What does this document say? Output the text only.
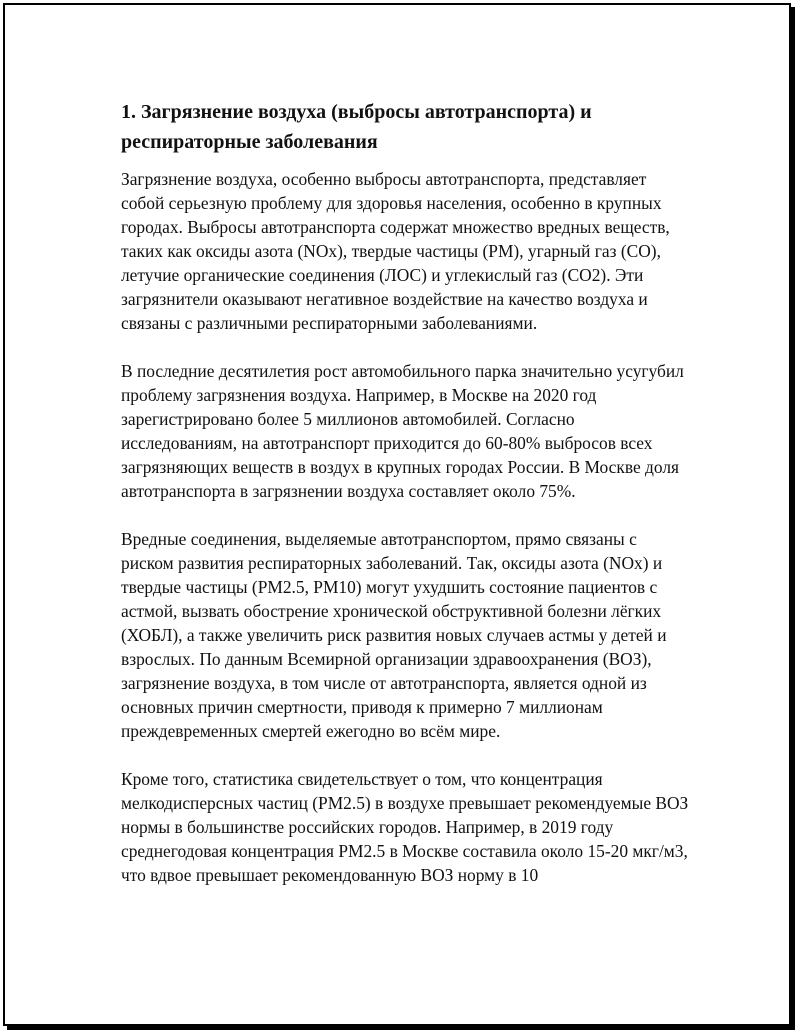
1. Загрязнение воздуха (выбросы автотранспорта) и респираторные заболевания

Загрязнение воздуха, особенно выбросы автотранспорта, представляет собой серьезную проблему для здоровья населения, особенно в крупных городах. Выбросы автотранспорта содержат множество вредных веществ, таких как оксиды азота (NOx), твердые частицы (PM), угарный газ (CO), летучие органические соединения (ЛОС) и углекислый газ (CO2). Эти загрязнители оказывают негативное воздействие на качество воздуха и связаны с различными респираторными заболеваниями.

В последние десятилетия рост автомобильного парка значительно усугубил проблему загрязнения воздуха. Например, в Москве на 2020 год зарегистрировано более 5 миллионов автомобилей. Согласно исследованиям, на автотранспорт приходится до 60-80% выбросов всех загрязняющих веществ в воздух в крупных городах России. В Москве доля автотранспорта в загрязнении воздуха составляет около 75%.

Вредные соединения, выделяемые автотранспортом, прямо связаны с риском развития респираторных заболеваний. Так, оксиды азота (NOx) и твердые частицы (PM2.5, PM10) могут ухудшить состояние пациентов с астмой, вызвать обострение хронической обструктивной болезни лёгких (ХОБЛ), а также увеличить риск развития новых случаев астмы у детей и взрослых. По данным Всемирной организации здравоохранения (ВОЗ), загрязнение воздуха, в том числе от автотранспорта, является одной из основных причин смертности, приводя к примерно 7 миллионам преждевременных смертей ежегодно во всём мире.

Кроме того, статистика свидетельствует о том, что концентрация мелкодисперсных частиц (PM2.5) в воздухе превышает рекомендуемые ВОЗ нормы в большинстве российских городов. Например, в 2019 году среднегодовая концентрация PM2.5 в Москве составила около 15-20 мкг/м3, что вдвое превышает рекомендованную ВОЗ норму в 10
